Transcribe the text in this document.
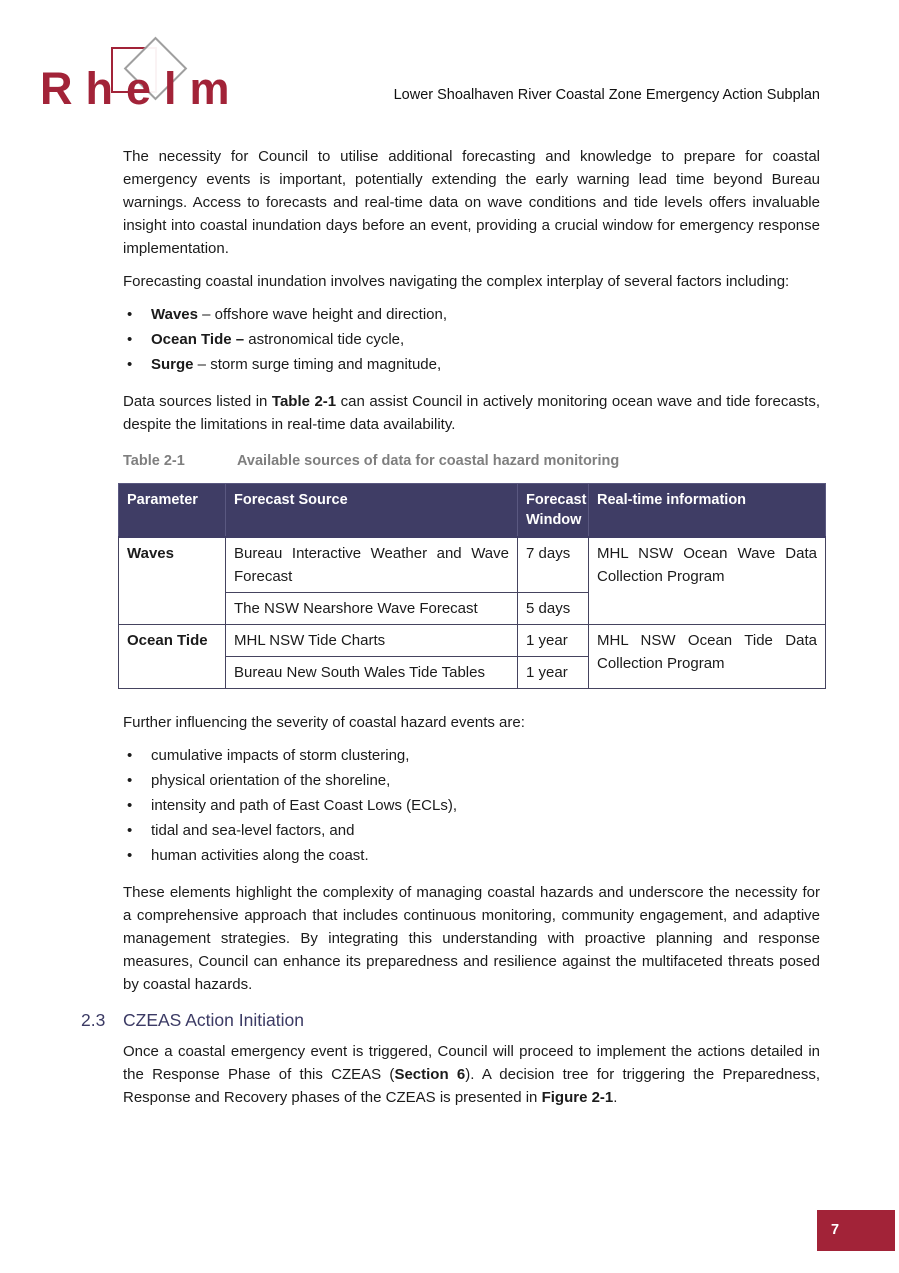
R h e l m	Lower Shoalhaven River Coastal Zone Emergency Action Subplan

The necessity for Council to utilise additional forecasting and knowledge to prepare for coastal emergency events is important, potentially extending the early warning lead time beyond Bureau warnings. Access to forecasts and real-time data on wave conditions and tide levels offers invaluable insight into coastal inundation days before an event, providing a crucial window for emergency response implementation.

Forecasting coastal inundation involves navigating the complex interplay of several factors including:

•	Waves – offshore wave height and direction,
•	Ocean Tide – astronomical tide cycle,
•	Surge – storm surge timing and magnitude,

Data sources listed in Table 2-1 can assist Council in actively monitoring ocean wave and tide forecasts, despite the limitations in real-time data availability.

Table 2-1	Available sources of data for coastal hazard monitoring
Parameter	Forecast Source	Forecast Window	Real-time information
Waves	Bureau Interactive Weather and Wave Forecast	7 days	MHL NSW Ocean Wave Data Collection Program
	The NSW Nearshore Wave Forecast	5 days	
Ocean Tide	MHL NSW Tide Charts	1 year	MHL NSW Ocean Tide Data Collection Program
	Bureau New South Wales Tide Tables	1 year	

Further influencing the severity of coastal hazard events are:

•	cumulative impacts of storm clustering,
•	physical orientation of the shoreline,
•	intensity and path of East Coast Lows (ECLs),
•	tidal and sea-level factors, and
•	human activities along the coast.

These elements highlight the complexity of managing coastal hazards and underscore the necessity for a comprehensive approach that includes continuous monitoring, community engagement, and adaptive management strategies. By integrating this understanding with proactive planning and response measures, Council can enhance its preparedness and resilience against the multifaceted threats posed by coastal hazards.

2.3	CZEAS Action Initiation

Once a coastal emergency event is triggered, Council will proceed to implement the actions detailed in the Response Phase of this CZEAS (Section 6). A decision tree for triggering the Preparedness, Response and Recovery phases of the CZEAS is presented in Figure 2-1.

7
